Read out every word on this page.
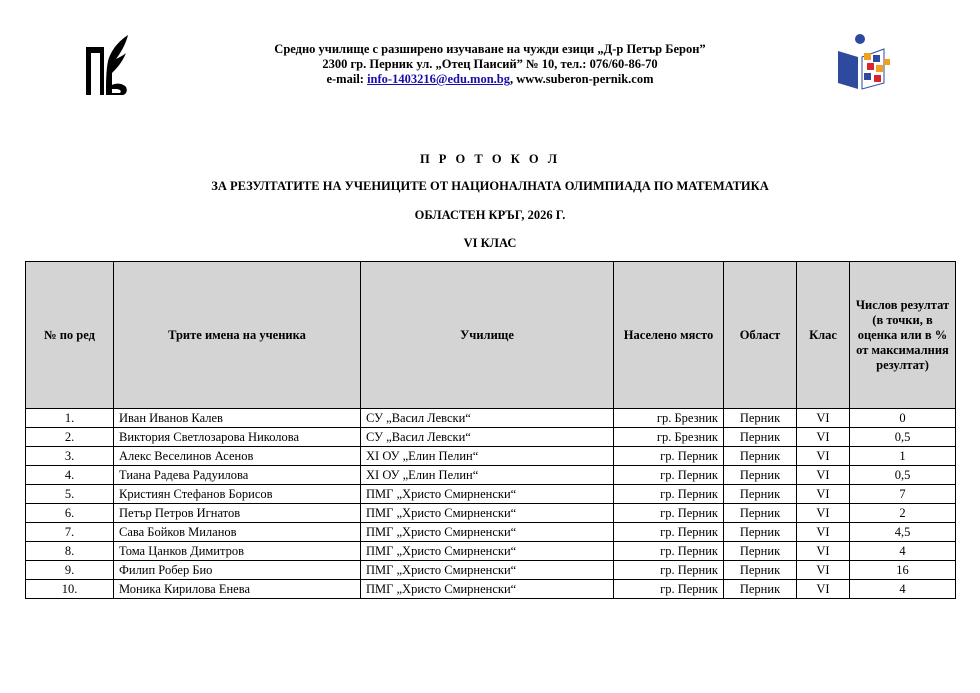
Средно училище с разширено изучаване на чужди езици „Д-р Петър Берон”
2300 гр. Перник ул. „Отец Паисий” № 10, тел.: 076/60-86-70
e-mail: info-1403216@edu.mon.bg, www.suberon-pernik.com
П Р О Т О К О Л
ЗА РЕЗУЛТАТИТЕ НА УЧЕНИЦИТЕ ОТ НАЦИОНАЛНАТА ОЛИМПИАДА ПО МАТЕМАТИКА
ОБЛАСТЕН КРЪГ, 2026 Г.
VI КЛАС
№ по ред	Трите имена на ученика	Училище	Населено място	Област	Клас	Числов резултат (в точки, в оценка или в % от максималния резултат)
1.	Иван Иванов Калев	СУ „Васил Левски“	гр. Брезник	Перник	VI	0
2.	Виктория Светлозарова Николова	СУ „Васил Левски“	гр. Брезник	Перник	VI	0,5
3.	Алекс Веселинов Асенов	XI ОУ „Елин Пелин“	гр. Перник	Перник	VI	1
4.	Тиана Радева Радуилова	XI ОУ „Елин Пелин“	гр. Перник	Перник	VI	0,5
5.	Кристиян Стефанов Борисов	ПМГ „Христо Смирненски“	гр. Перник	Перник	VI	7
6.	Петър Петров Игнатов	ПМГ „Христо Смирненски“	гр. Перник	Перник	VI	2
7.	Сава Бойков Миланов	ПМГ „Христо Смирненски“	гр. Перник	Перник	VI	4,5
8.	Тома Цанков Димитров	ПМГ „Христо Смирненски“	гр. Перник	Перник	VI	4
9.	Филип Робер Био	ПМГ „Христо Смирненски“	гр. Перник	Перник	VI	16
10.	Моника Кирилова Енева	ПМГ „Христо Смирненски“	гр. Перник	Перник	VI	4
